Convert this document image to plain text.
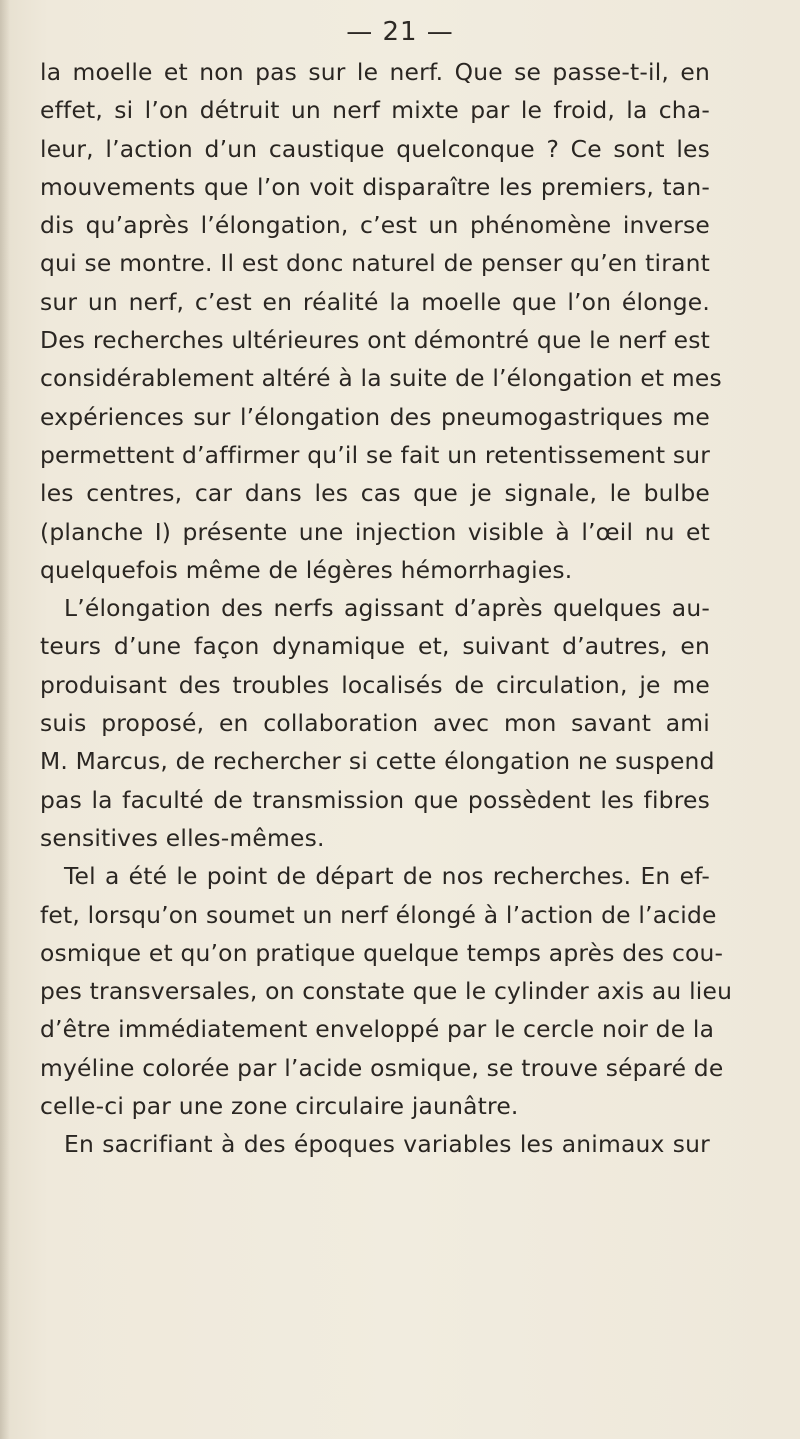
— 21 —
la moelle et non pas sur le nerf. Que se passe-t-il, en
effet, si l’on détruit un nerf mixte par le froid, la cha-
leur, l’action d’un caustique quelconque ? Ce sont les
mouvements que l’on voit disparaître les premiers, tan-
dis qu’après l’élongation, c’est un phénomène inverse
qui se montre. Il est donc naturel de penser qu’en tirant
sur un nerf, c’est en réalité la moelle que l’on élonge.
Des recherches ultérieures ont démontré que le nerf est
considérablement altéré à la suite de l’élongation et mes
expériences sur l’élongation des pneumogastriques me
permettent d’affirmer qu’il se fait un retentissement sur
les centres, car dans les cas que je signale, le bulbe
(planche I) présente une injection visible à l’œil nu et
quelquefois même de légères hémorrhagies.
L’élongation des nerfs agissant d’après quelques au-
teurs d’une façon dynamique et, suivant d’autres, en
produisant des troubles localisés de circulation, je me
suis proposé, en collaboration avec mon savant ami
M. Marcus, de rechercher si cette élongation ne suspend
pas la faculté de transmission que possèdent les fibres
sensitives elles-mêmes.
Tel a été le point de départ de nos recherches. En ef-
fet, lorsqu’on soumet un nerf élongé à l’action de l’acide
osmique et qu’on pratique quelque temps après des cou-
pes transversales, on constate que le cylinder axis au lieu
d’être immédiatement enveloppé par le cercle noir de la
myéline colorée par l’acide osmique, se trouve séparé de
celle-ci par une zone circulaire jaunâtre.
En sacrifiant à des époques variables les animaux sur
